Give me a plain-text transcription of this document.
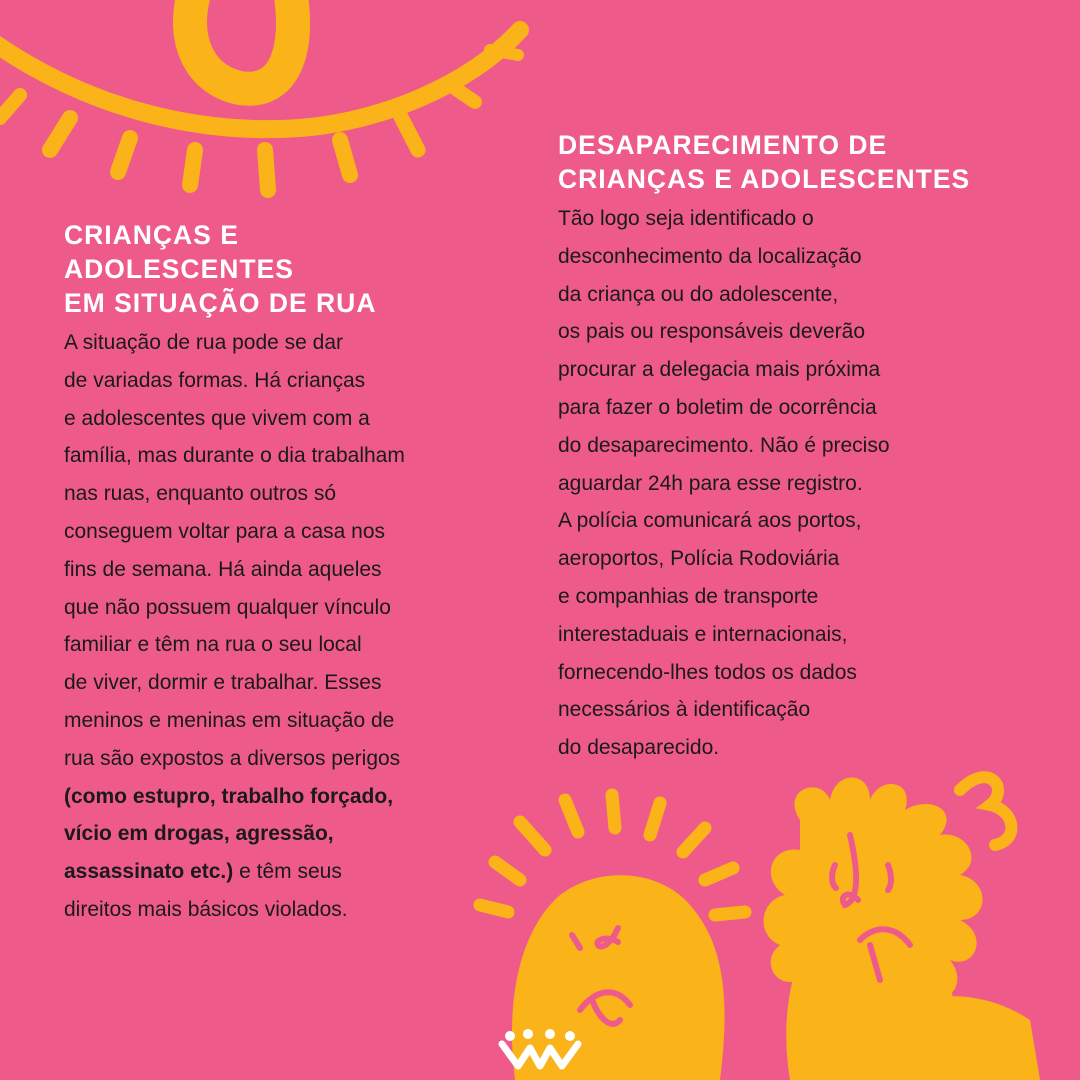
CRIANÇAS E
ADOLESCENTES
EM SITUAÇÃO DE RUA

A situação de rua pode se dar
de variadas formas. Há crianças
e adolescentes que vivem com a
família, mas durante o dia trabalham
nas ruas, enquanto outros só
conseguem voltar para a casa nos
fins de semana. Há ainda aqueles
que não possuem qualquer vínculo
familiar e têm na rua o seu local
de viver, dormir e trabalhar. Esses
meninos e meninas em situação de
rua são expostos a diversos perigos
(como estupro, trabalho forçado,
vício em drogas, agressão,
assassinato etc.) e têm seus
direitos mais básicos violados.

DESAPARECIMENTO DE
CRIANÇAS E ADOLESCENTES

Tão logo seja identificado o
desconhecimento da localização
da criança ou do adolescente,
os pais ou responsáveis deverão
procurar a delegacia mais próxima
para fazer o boletim de ocorrência
do desaparecimento. Não é preciso
aguardar 24h para esse registro.
A polícia comunicará aos portos,
aeroportos, Polícia Rodoviária
e companhias de transporte
interestaduais e internacionais,
fornecendo-lhes todos os dados
necessários à identificação
do desaparecido.
